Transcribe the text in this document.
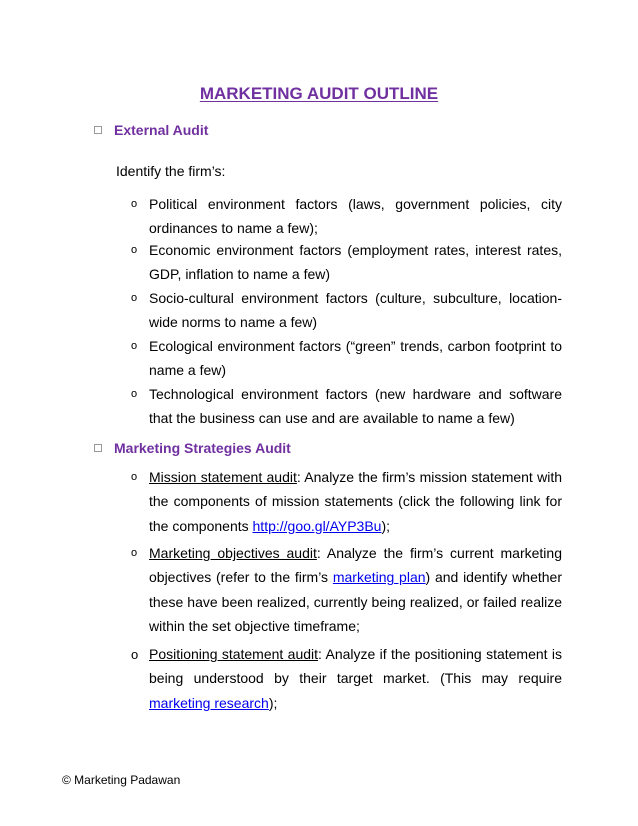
MARKETING AUDIT OUTLINE
External Audit
Identify the firm’s:
o Political environment factors (laws, government policies, city ordinances to name a few);
o Economic environment factors (employment rates, interest rates, GDP, inflation to name a few)
o Socio-cultural environment factors (culture, subculture, location-wide norms to name a few)
o Ecological environment factors (“green” trends, carbon footprint to name a few)
o Technological environment factors (new hardware and software that the business can use and are available to name a few)
Marketing Strategies Audit
o Mission statement audit: Analyze the firm’s mission statement with the components of mission statements (click the following link for the components http://goo.gl/AYP3Bu);
o Marketing objectives audit: Analyze the firm’s current marketing objectives (refer to the firm’s marketing plan) and identify whether these have been realized, currently being realized, or failed realize within the set objective timeframe;
o Positioning statement audit: Analyze if the positioning statement is being understood by their target market. (This may require marketing research);
© Marketing Padawan
